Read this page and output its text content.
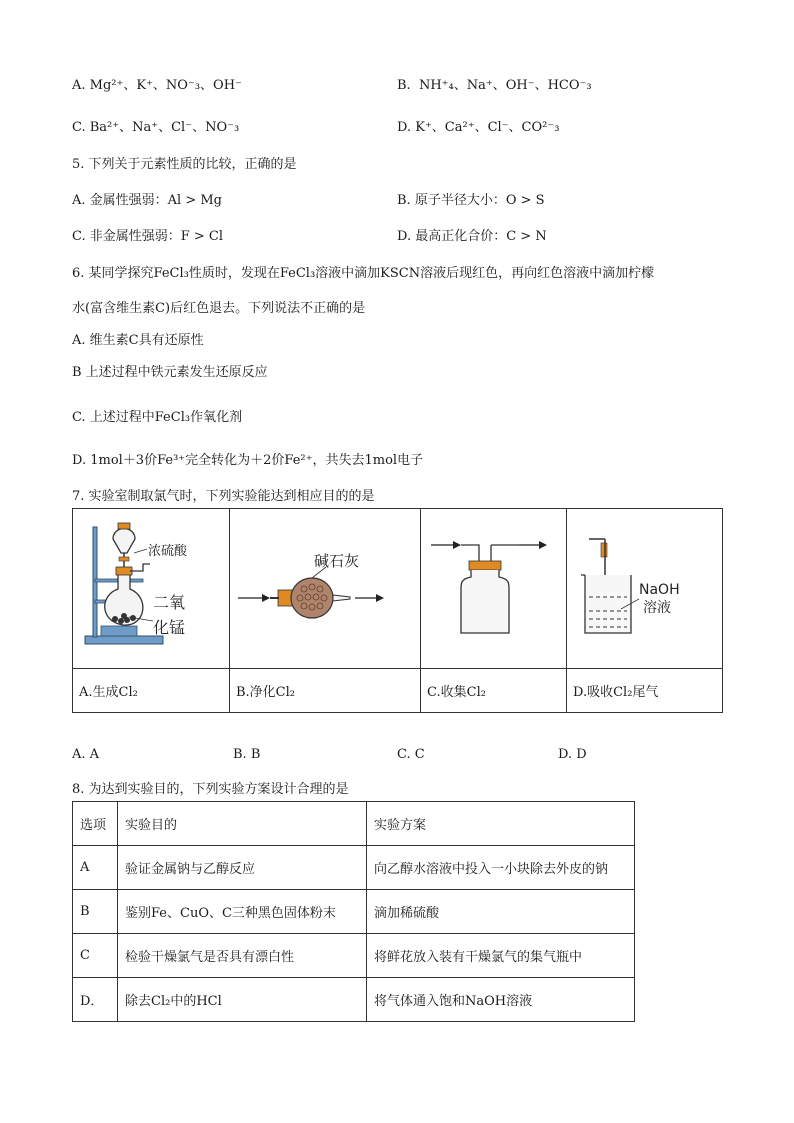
A. Mg²⁺、K⁺、NO⁻₃、OH⁻	B. NH⁺₄、Na⁺、OH⁻、HCO⁻₃
C. Ba²⁺、Na⁺、Cl⁻、NO⁻₃	D. K⁺、Ca²⁺、Cl⁻、CO²⁻₃
5. 下列关于元素性质的比较，正确的是
A. 金属性强弱：Al > Mg	B. 原子半径大小：O > S
C. 非金属性强弱：F > Cl	D. 最高正化合价：C > N
6. 某同学探究FeCl₃性质时，发现在FeCl₃溶液中滴加KSCN溶液后现红色，再向红色溶液中滴加柠檬
水(富含维生素C)后红色退去。下列说法不正确的是
A. 维生素C具有还原性
B 上述过程中铁元素发生还原反应
C. 上述过程中FeCl₃作氧化剂
D. 1mol＋3价Fe³⁺完全转化为＋2价Fe²⁺，共失去1mol电子
7. 实验室制取氯气时，下列实验能达到相应目的的是
浓硫酸
二氧
化锰	碱石灰		NaOH
溶液

A.生成Cl₂	B.净化Cl₂	C.收集Cl₂	D.吸收Cl₂尾气
A. A	B. B	C. C	D. D
8. 为达到实验目的，下列实验方案设计合理的是
选项	实验目的	实验方案
A	验证金属钠与乙醇反应	向乙醇水溶液中投入一小块除去外皮的钠
B	鉴别Fe、CuO、C三种黑色固体粉末	滴加稀硫酸
C	检验干燥氯气是否具有漂白性	将鲜花放入装有干燥氯气的集气瓶中
D．	除去Cl₂中的HCl	将气体通入饱和NaOH溶液
